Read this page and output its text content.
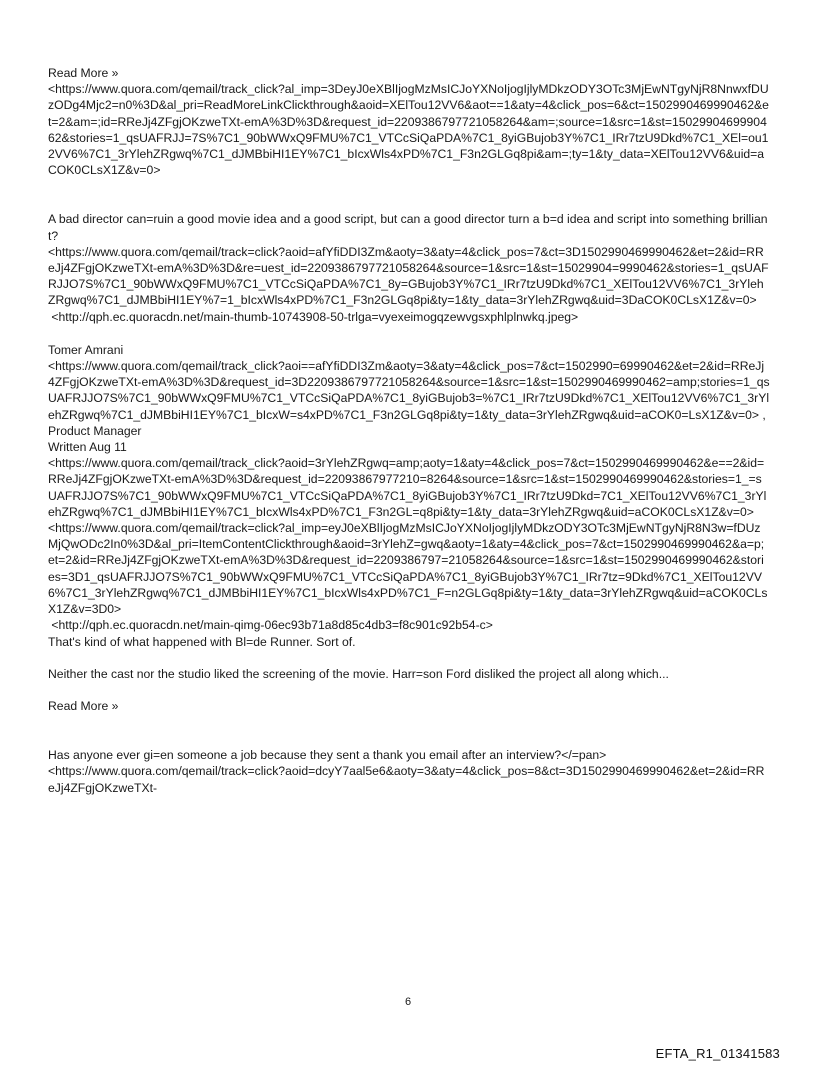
Read More »

<https://www.quora.com/qemail/track_click?al_imp=3DeyJ0eXBlIjogMzMsICJoYXNoIjogIjlyMDkzODY3OTc3MjEwNTgyNjR8NnwxfDUzODg4Mjc2=n0%3D&al_pri=ReadMoreLinkClickthrough&aoid=XElTou12VV6&aot==1&aty=4&click_pos=6&ct=1502990469990462&et=2&am=;id=RReJj4ZFgjOKzweTXt-emA%3D%3D&request_id=2209386797721058264&am=;source=1&src=1&st=1502990469990462&stories=1_qsUAFRJJ=7S%7C1_90bWWxQ9FMU%7C1_VTCcSiQaPDA%7C1_8yiGBujob3Y%7C1_IRr7tzU9Dkd%7C1_XEl=ou12VV6%7C1_3rYlehZRgwq%7C1_dJMBbiHI1EY%7C1_bIcxWls4xPD%7C1_F3n2GLGq8pi&am=;ty=1&ty_data=XElTou12VV6&uid=aCOK0CLsX1Z&v=0>

A bad director can=ruin a good movie idea and a good script, but can a good director turn a b=d idea and script into something brilliant?

<https://www.quora.com/qemail/track=click?aoid=afYfiDDI3Zm&aoty=3&aty=4&click_pos=7&ct=3D1502990469990462&et=2&id=RReJj4ZFgjOKzweTXt-emA%3D%3D&re=uest_id=2209386797721058264&source=1&src=1&st=15029904=9990462&stories=1_qsUAFRJJO7S%7C1_90bWWxQ9FMU%7C1_VTCcSiQaPDA%7C1_8y=GBujob3Y%7C1_IRr7tzU9Dkd%7C1_XElTou12VV6%7C1_3rYlehZRgwq%7C1_dJMBbiHI1EY%7=1_bIcxWls4xPD%7C1_F3n2GLGq8pi&ty=1&ty_data=3rYlehZRgwq&uid=3DaCOK0CLsX1Z&v=0>

<http://qph.ec.quoracdn.net/main-thumb-10743908-50-trlga=vyexeimogqzewvgsxphlplnwkq.jpeg>

Tomer Amrani

<https://www.quora.com/qemail/track_click?aoi==afYfiDDI3Zm&aoty=3&aty=4&click_pos=7&ct=1502990=69990462&et=2&id=RReJj4ZFgjOKzweTXt-emA%3D%3D&request_id=3D2209386797721058264&source=1&src=1&st=1502990469990462=amp;stories=1_qsUAFRJJO7S%7C1_90bWWxQ9FMU%7C1_VTCcSiQaPDA%7C1_8yiGBujob3=%7C1_IRr7tzU9Dkd%7C1_XElTou12VV6%7C1_3rYlehZRgwq%7C1_dJMBbiHI1EY%7C1_bIcxW=s4xPD%7C1_F3n2GLGq8pi&ty=1&ty_data=3rYlehZRgwq&uid=aCOK0=LsX1Z&v=0> , Product Manager

Written Aug 11

<https://www.quora.com/qemail/track_click?aoid=3rYlehZRgwq=amp;aoty=1&aty=4&click_pos=7&ct=1502990469990462&e==2&id=RReJj4ZFgjOKzweTXt-emA%3D%3D&request_id=22093867977210=8264&source=1&src=1&st=1502990469990462&stories=1_=sUAFRJJO7S%7C1_90bWWxQ9FMU%7C1_VTCcSiQaPDA%7C1_8yiGBujob3Y%7C1_IRr7tzU9Dkd=7C1_XElTou12VV6%7C1_3rYlehZRgwq%7C1_dJMBbiHI1EY%7C1_bIcxWls4xPD%7C1_F3n2GL=q8pi&ty=1&ty_data=3rYlehZRgwq&uid=aCOK0CLsX1Z&v=0>

<https://www.quora.com/qemail/track=click?al_imp=eyJ0eXBlIjogMzMsICJoYXNoIjogIjlyMDkzODY3OTc3MjEwNTgyNjR8N3w=fDUzMjQwODc2In0%3D&al_pri=ItemContentClickthrough&aoid=3rYlehZ=gwq&aoty=1&aty=4&click_pos=7&ct=1502990469990462&a=p;et=2&id=RReJj4ZFgjOKzweTXt-emA%3D%3D&request_id=2209386797=21058264&source=1&src=1&st=1502990469990462&stories=3D1_qsUAFRJJO7S%7C1_90bWWxQ9FMU%7C1_VTCcSiQaPDA%7C1_8yiGBujob3Y%7C1_IRr7tz=9Dkd%7C1_XElTou12VV6%7C1_3rYlehZRgwq%7C1_dJMBbiHI1EY%7C1_bIcxWls4xPD%7C1_F=n2GLGq8pi&ty=1&ty_data=3rYlehZRgwq&uid=aCOK0CLsX1Z&v=3D0>

<http://qph.ec.quoracdn.net/main-qimg-06ec93b71a8d85c4db3=f8c901c92b54-c>

That's kind of what happened with Bl=de Runner. Sort of.

Neither the cast nor the studio liked the screening of the movie. Harr=son Ford disliked the project all along which...

Read More »

Has anyone ever gi=en someone a job because they sent a thank you email after an interview?</=pan>

<https://www.quora.com/qemail/track=click?aoid=dcyY7aal5e6&aoty=3&aty=4&click_pos=8&ct=3D1502990469990462&et=2&id=RReJj4ZFgjOKzweTXt-

6
EFTA_R1_01341583
